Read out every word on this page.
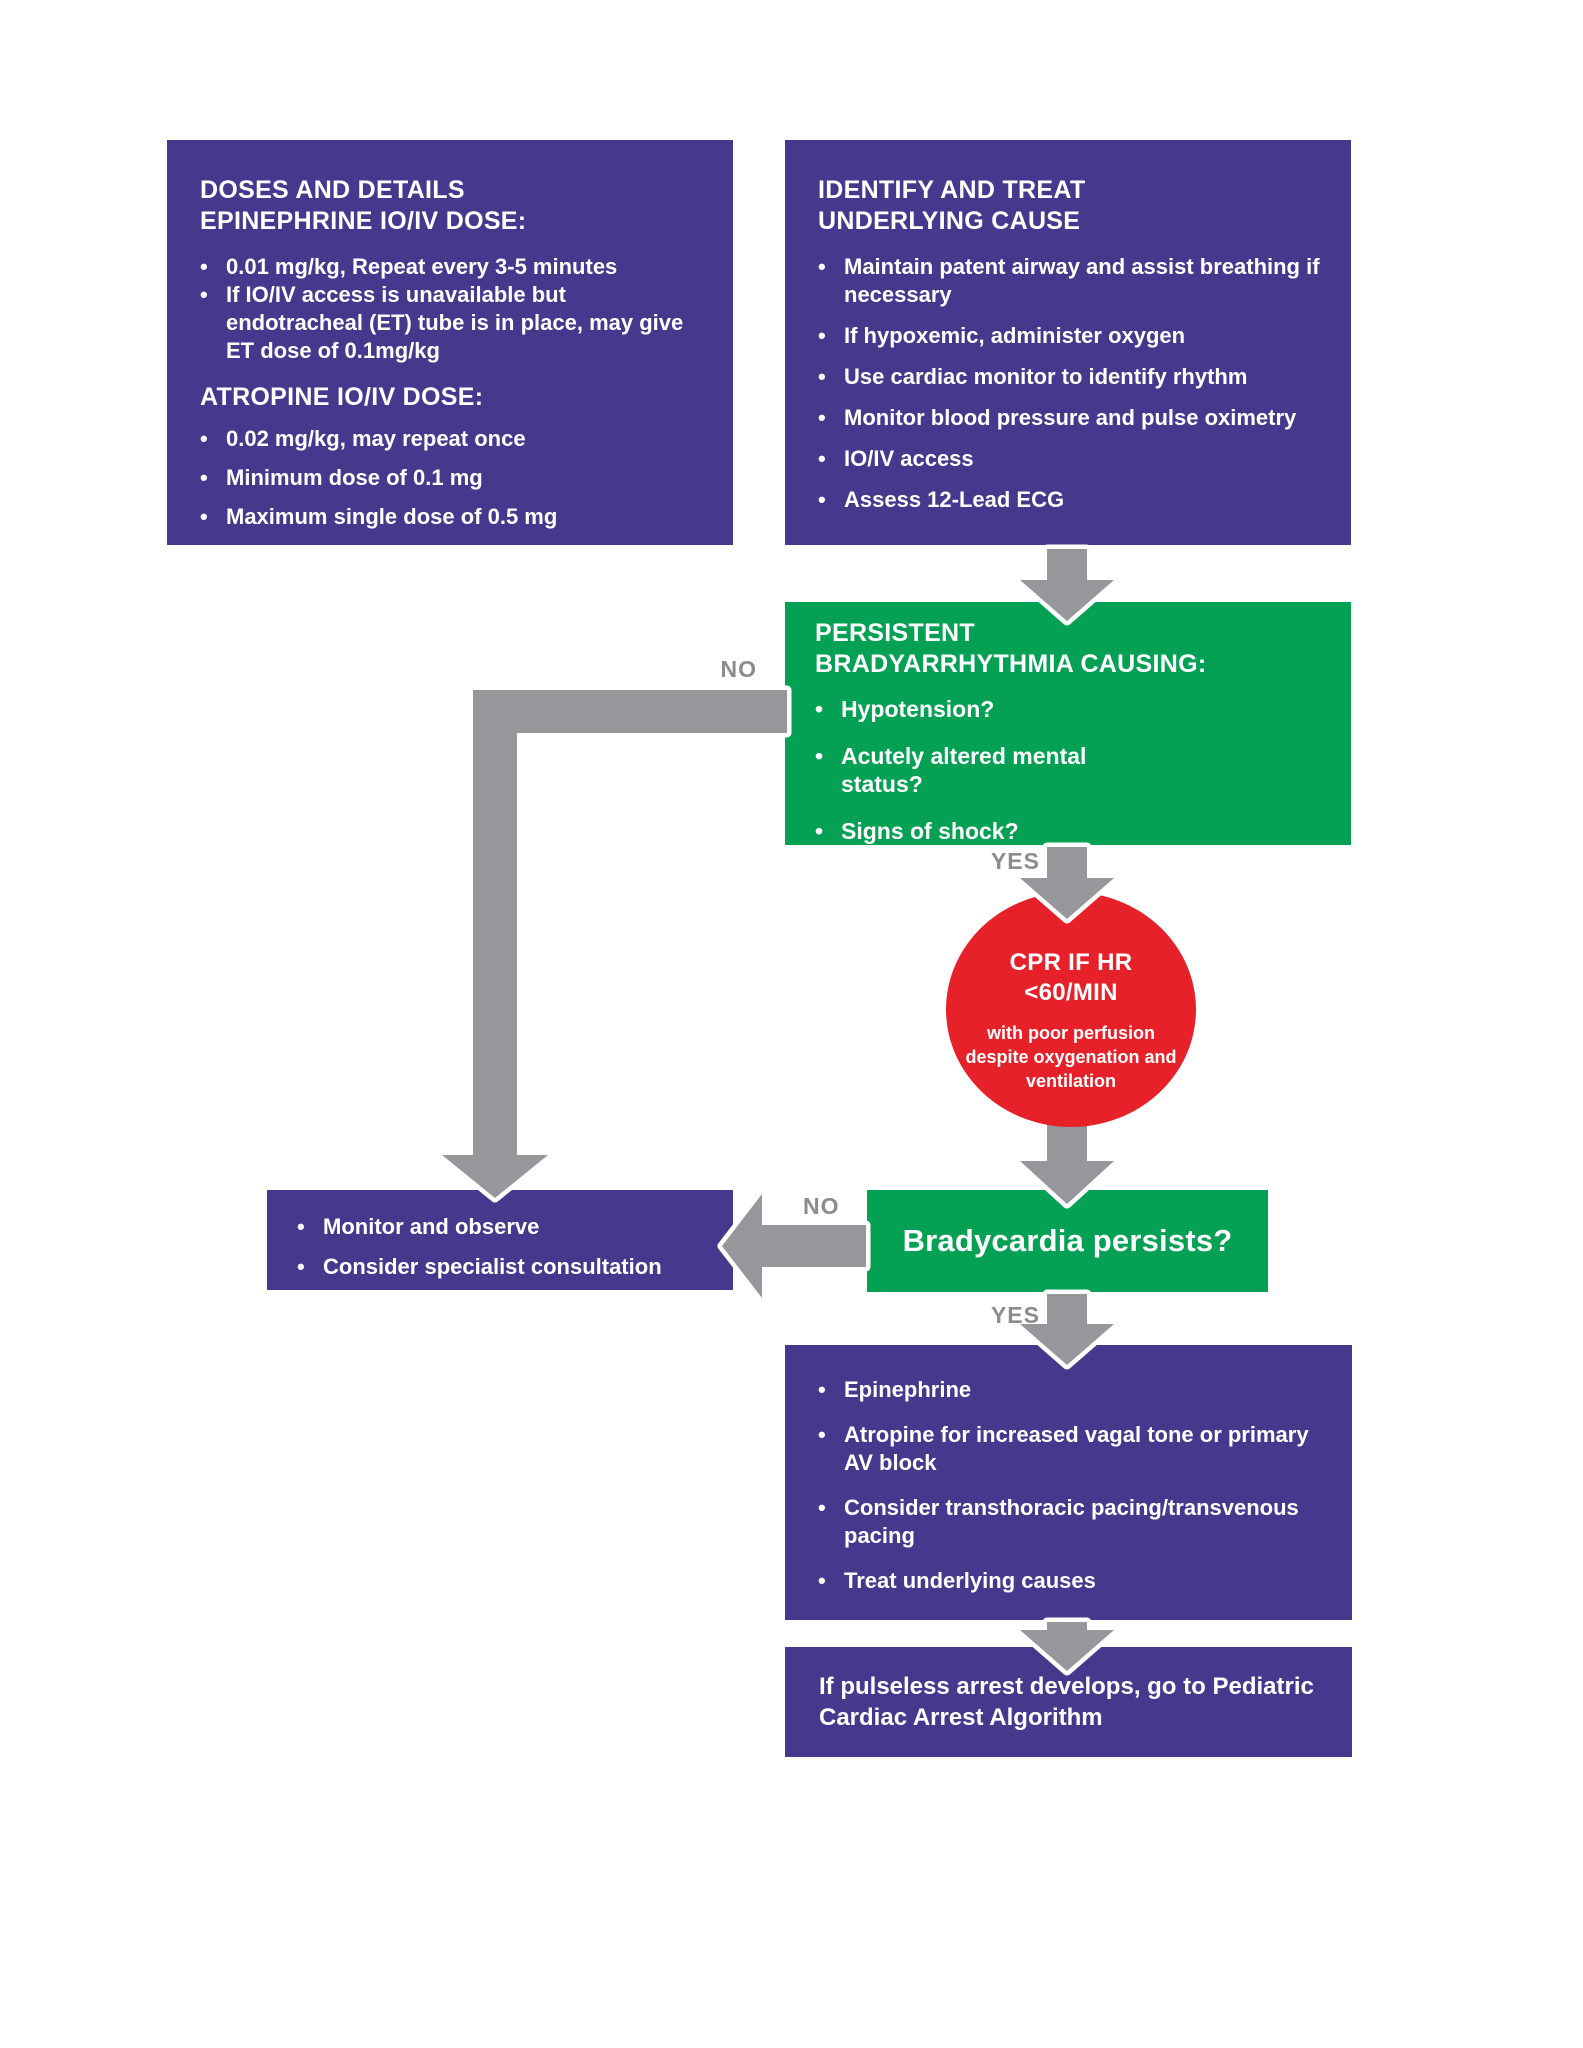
DOSES AND DETAILS
EPINEPHRINE IO/IV DOSE:
• 0.01 mg/kg, Repeat every 3-5 minutes
• If IO/IV access is unavailable but endotracheal (ET) tube is in place, may give ET dose of 0.1mg/kg
ATROPINE IO/IV DOSE:
• 0.02 mg/kg, may repeat once
• Minimum dose of 0.1 mg
• Maximum single dose of 0.5 mg
IDENTIFY AND TREAT
UNDERLYING CAUSE
• Maintain patent airway and assist breathing if necessary
• If hypoxemic, administer oxygen
• Use cardiac monitor to identify rhythm
• Monitor blood pressure and pulse oximetry
• IO/IV access
• Assess 12-Lead ECG
PERSISTENT
BRADYARRHYTHMIA CAUSING:
• Hypotension?
• Acutely altered mental status?
• Signs of shock?
CPR IF HR
<60/MIN
with poor perfusion despite oxygenation and ventilation
Bradycardia persists?
• Monitor and observe
• Consider specialist consultation
• Epinephrine
• Atropine for increased vagal tone or primary AV block
• Consider transthoracic pacing/transvenous pacing
• Treat underlying causes
If pulseless arrest develops, go to Pediatric Cardiac Arrest Algorithm
NO
YES
NO
YES
